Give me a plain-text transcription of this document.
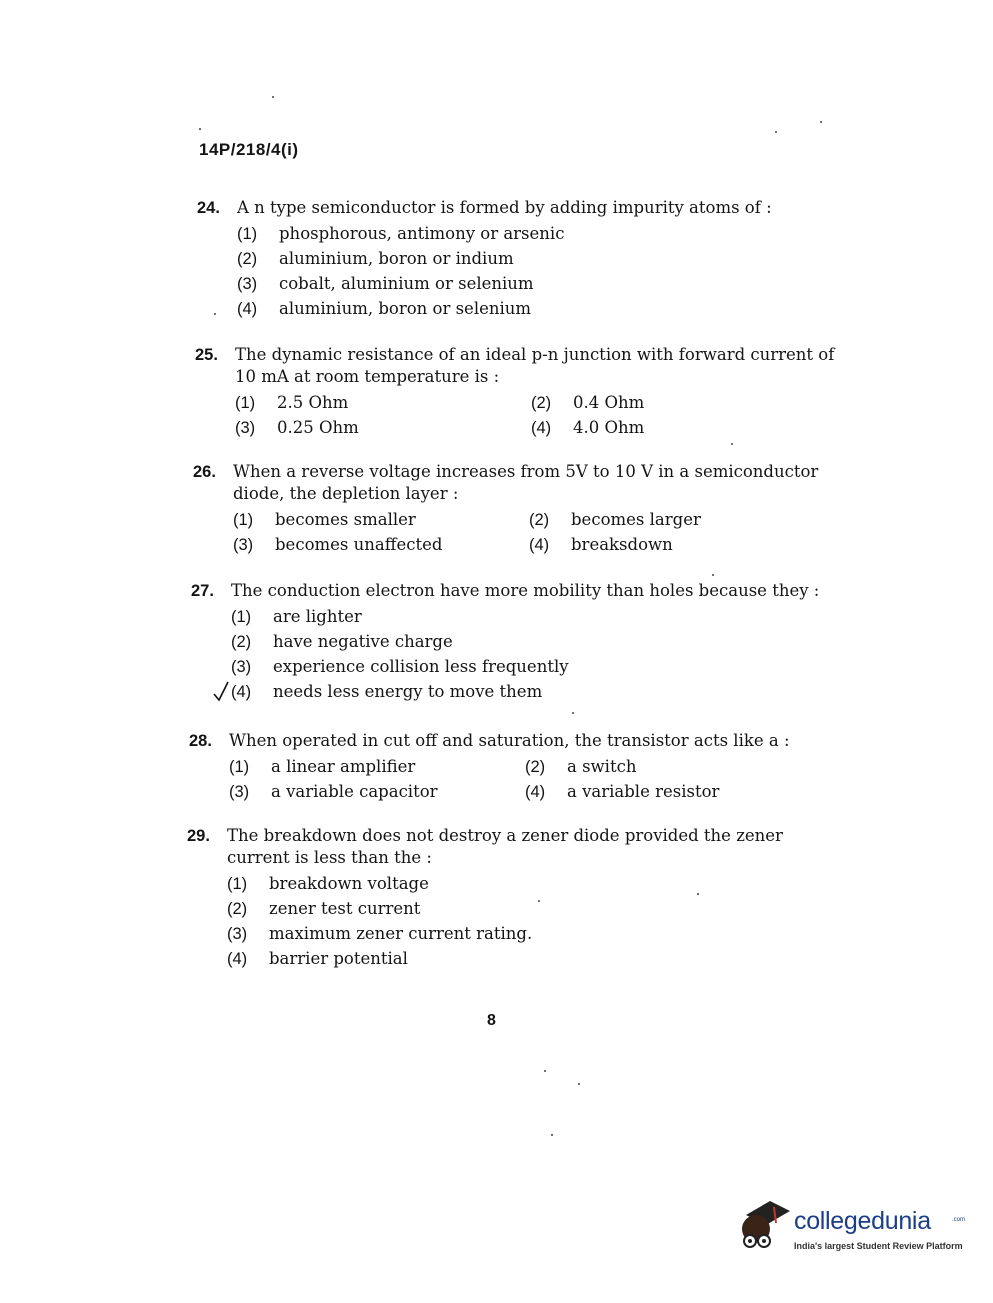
14P/218/4(i)
24.	A n type semiconductor is formed by adding impurity atoms of :
(1)	phosphorous, antimony or arsenic
(2)	aluminium, boron or indium
(3)	cobalt, aluminium or selenium
(4)	aluminium, boron or selenium
25.	The dynamic resistance of an ideal p-n junction with forward current of 10 mA at room temperature is :
(1)	2.5 Ohm	(2)	0.4 Ohm
(3)	0.25 Ohm	(4)	4.0 Ohm
26.	When a reverse voltage increases from 5V to 10 V in a semiconductor diode, the depletion layer :
(1)	becomes smaller	(2)	becomes larger
(3)	becomes unaffected	(4)	breaksdown
27.	The conduction electron have more mobility than holes because they :
(1)	are lighter
(2)	have negative charge
(3)	experience collision less frequently
(4)	needs less energy to move them
28.	When operated in cut off and saturation, the transistor acts like a :
(1)	a linear amplifier	(2)	a switch
(3)	a variable capacitor	(4)	a variable resistor
29.	The breakdown does not destroy a zener diode provided the zener current is less than the :
(1)	breakdown voltage
(2)	zener test current
(3)	maximum zener current rating.
(4)	barrier potential
8
collegedunia	.com
India's largest Student Review Platform
